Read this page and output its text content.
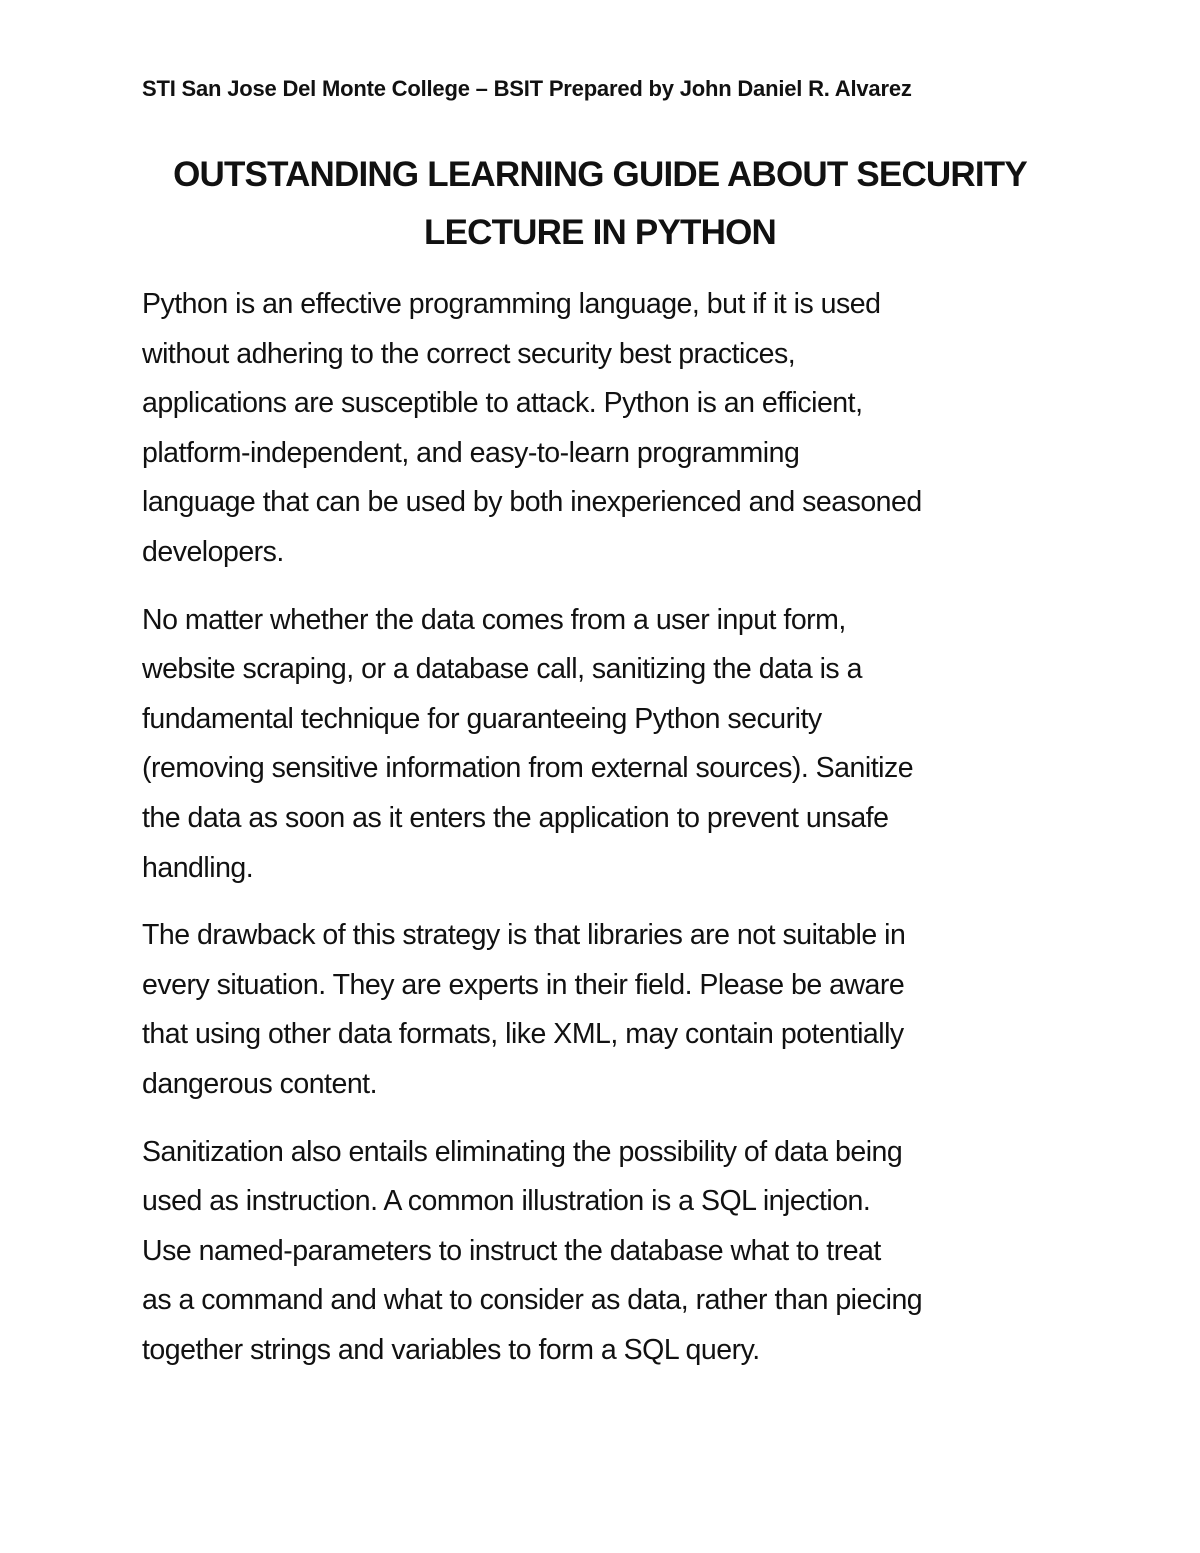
STI San Jose Del Monte College – BSIT Prepared by John Daniel R. Alvarez
OUTSTANDING LEARNING GUIDE ABOUT SECURITY
LECTURE IN PYTHON

Python is an effective programming language, but if it is used
without adhering to the correct security best practices,
applications are susceptible to attack. Python is an efficient,
platform-independent, and easy-to-learn programming
language that can be used by both inexperienced and seasoned
developers.

No matter whether the data comes from a user input form,
website scraping, or a database call, sanitizing the data is a
fundamental technique for guaranteeing Python security
(removing sensitive information from external sources). Sanitize
the data as soon as it enters the application to prevent unsafe
handling.

The drawback of this strategy is that libraries are not suitable in
every situation. They are experts in their field. Please be aware
that using other data formats, like XML, may contain potentially
dangerous content.

Sanitization also entails eliminating the possibility of data being
used as instruction. A common illustration is a SQL injection.
Use named-parameters to instruct the database what to treat
as a command and what to consider as data, rather than piecing
together strings and variables to form a SQL query.
